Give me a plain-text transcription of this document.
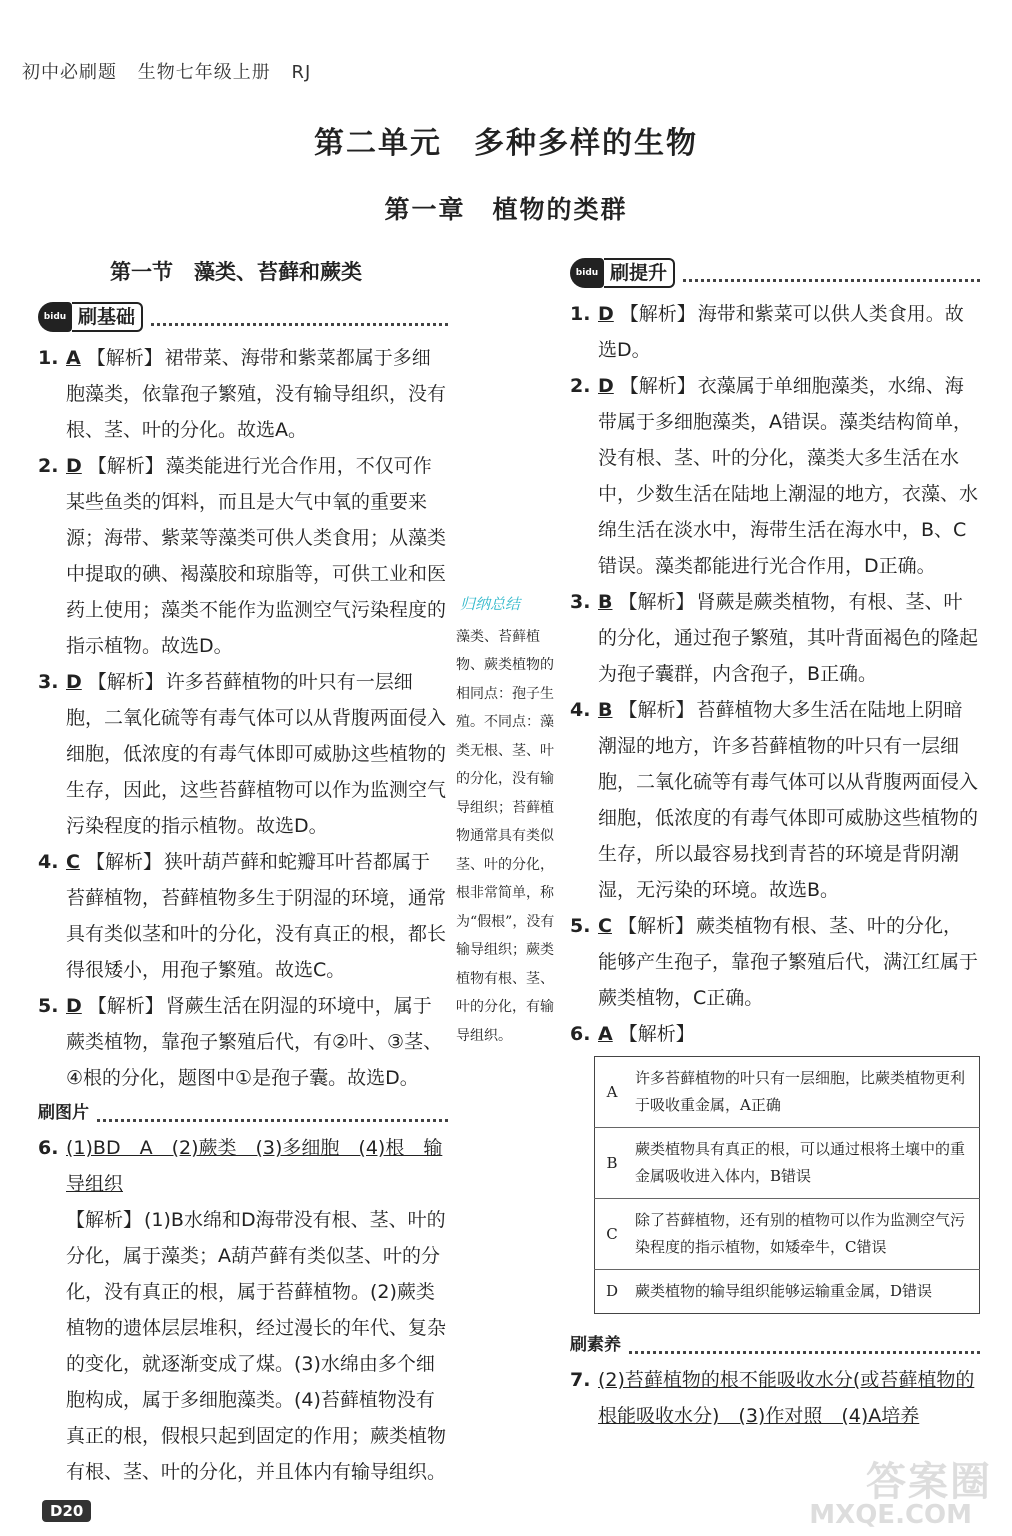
初中必刷题 生物七年级上册 RJ
第二单元　多种多样的生物
第一章　植物的类群
第一节　藻类、苔藓和蕨类
bidu 刷基础
1. A 【解析】 裙带菜、海带和紫菜都属于多细胞藻类，依靠孢子繁殖，没有输导组织，没有根、茎、叶的分化。故选A。
2. D 【解析】 藻类能进行光合作用，不仅可作某些鱼类的饵料，而且是大气中氧的重要来源；海带、紫菜等藻类可供人类食用；从藻类中提取的碘、褐藻胶和琼脂等，可供工业和医药上使用；藻类不能作为监测空气污染程度的指示植物。故选D。
3. D 【解析】 许多苔藓植物的叶只有一层细胞，二氧化硫等有毒气体可以从背腹两面侵入细胞，低浓度的有毒气体即可威胁这些植物的生存，因此，这些苔藓植物可以作为监测空气污染程度的指示植物。故选D。
4. C 【解析】 狭叶葫芦藓和蛇瓣耳叶苔都属于苔藓植物，苔藓植物多生于阴湿的环境，通常具有类似茎和叶的分化，没有真正的根，都长得很矮小，用孢子繁殖。故选C。
5. D 【解析】 肾蕨生活在阴湿的环境中，属于蕨类植物，靠孢子繁殖后代，有②叶、③茎、④根的分化，题图中①是孢子囊。故选D。
刷图片
6. (1)BD　A　(2)蕨类　(3)多细胞　(4)根　输导组织
【解析】 (1)B水绵和D海带没有根、茎、叶的分化，属于藻类；A葫芦藓有类似茎、叶的分化，没有真正的根，属于苔藓植物。(2)蕨类植物的遗体层层堆积，经过漫长的年代、复杂的变化，就逐渐变成了煤。(3)水绵由多个细胞构成，属于多细胞藻类。(4)苔藓植物没有真正的根，假根只起到固定的作用；蕨类植物有根、茎、叶的分化，并且体内有输导组织。
归纳总结
藻类、苔藓植物、蕨类植物的相同点：孢子生殖。不同点：藻类无根、茎、叶的分化，没有输导组织；苔藓植物通常具有类似茎、叶的分化，根非常简单，称为“假根”，没有输导组织；蕨类植物有根、茎、叶的分化，有输导组织。
bidu 刷提升
1. D 【解析】 海带和紫菜可以供人类食用。故选D。
2. D 【解析】 衣藻属于单细胞藻类，水绵、海带属于多细胞藻类，A错误。藻类结构简单，没有根、茎、叶的分化，藻类大多生活在水中，少数生活在陆地上潮湿的地方，衣藻、水绵生活在淡水中，海带生活在海水中，B、C错误。藻类都能进行光合作用，D正确。
3. B 【解析】 肾蕨是蕨类植物，有根、茎、叶的分化，通过孢子繁殖，其叶背面褐色的隆起为孢子囊群，内含孢子，B正确。
4. B 【解析】 苔藓植物大多生活在陆地上阴暗潮湿的地方，许多苔藓植物的叶只有一层细胞，二氧化硫等有毒气体可以从背腹两面侵入细胞，低浓度的有毒气体即可威胁这些植物的生存，所以最容易找到青苔的环境是背阴潮湿，无污染的环境。故选B。
5. C 【解析】 蕨类植物有根、茎、叶的分化，能够产生孢子，靠孢子繁殖后代，满江红属于蕨类植物，C正确。
6. A 【解析】
A	许多苔藓植物的叶只有一层细胞，比蕨类植物更利于吸收重金属，A正确
B	蕨类植物具有真正的根，可以通过根将土壤中的重金属吸收进入体内，B错误
C	除了苔藓植物，还有别的植物可以作为监测空气污染程度的指示植物，如矮牵牛，C错误
D	蕨类植物的输导组织能够运输重金属，D错误
刷素养
7. (2)苔藓植物的根不能吸收水分(或苔藓植物的根能吸收水分)　(3)作对照　(4)A培养
D20
答案圈
MXQE.COM
